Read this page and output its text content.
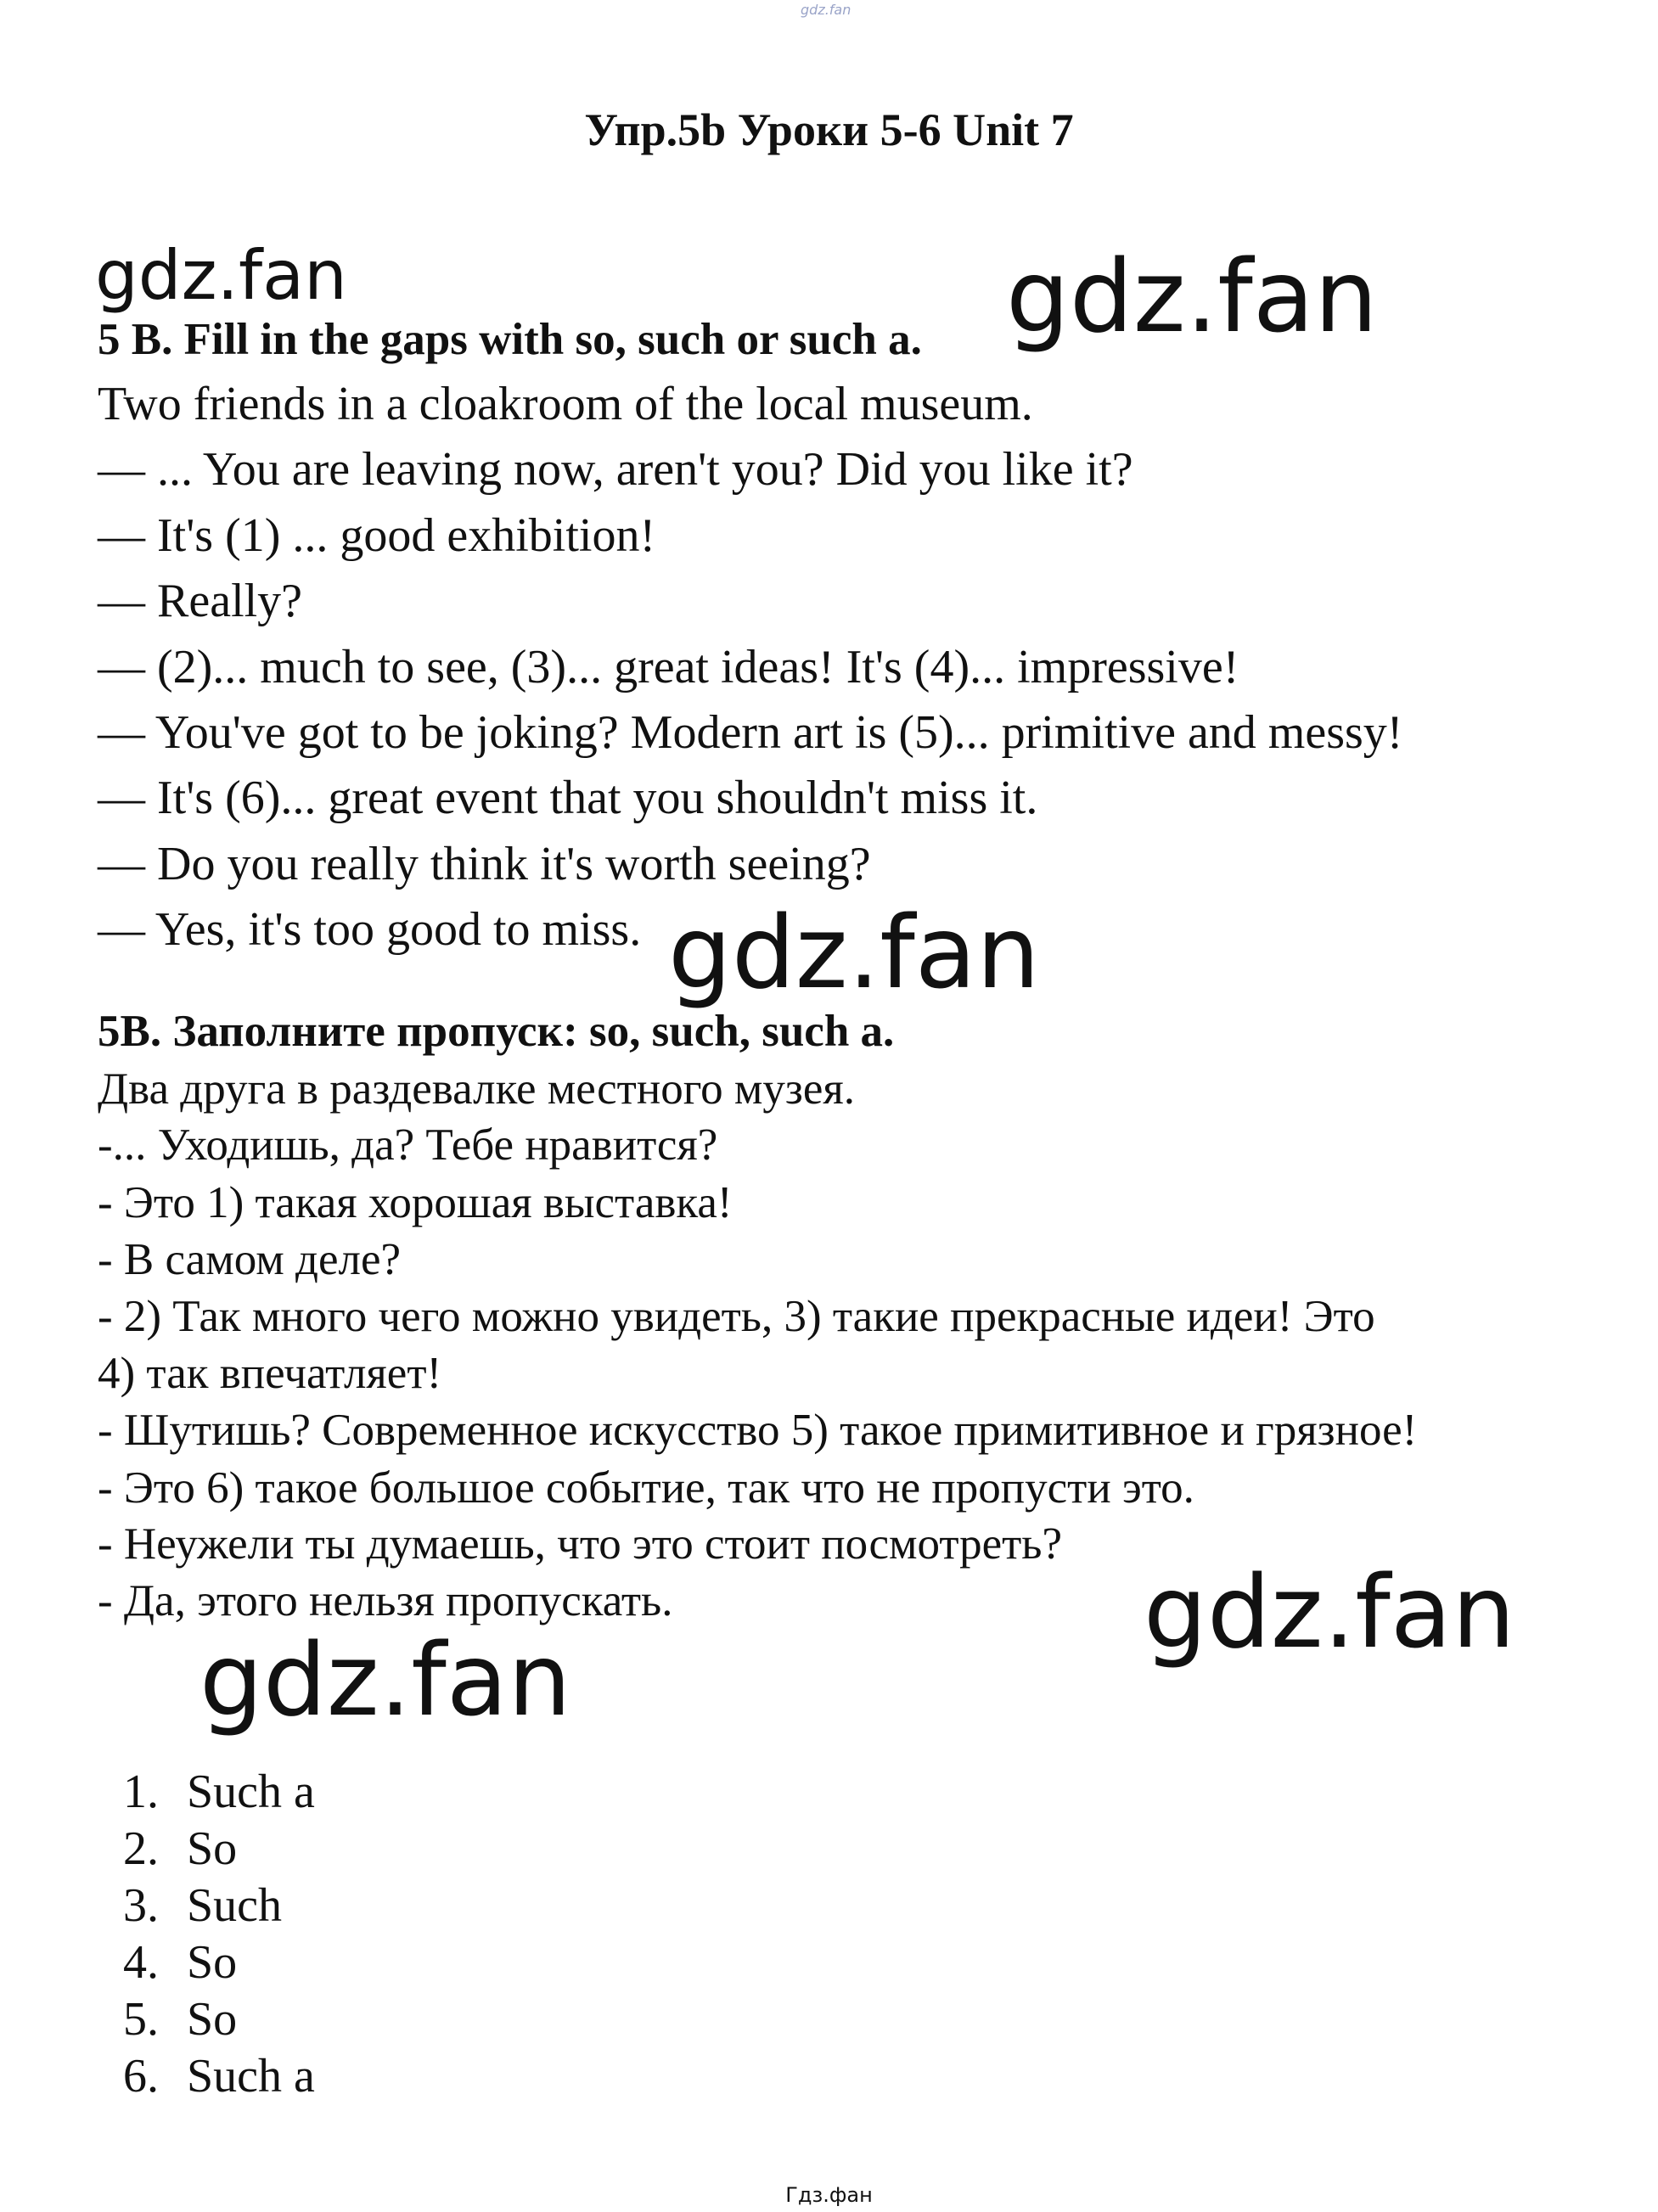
gdz.fan
Упр.5b Уроки 5-6 Unit 7
gdz.fan	gdz.fan
gdz.fan
gdz.fan
gdz.fan
5 B. Fill in the gaps with so, such or such a.
Two friends in a cloakroom of the local museum.
— ... You are leaving now, aren't you? Did you like it?
— It's (1) ... good exhibition!
— Really?
— (2)... much to see, (3)... great ideas! It's (4)... impressive!
— You've got to be joking? Modern art is (5)... primitive and messy!
— It's (6)... great event that you shouldn't miss it.
— Do you really think it's worth seeing?
— Yes, it's too good to miss.
5B. Заполните пропуск: so, such, such a.
Два друга в раздевалке местного музея.
-... Уходишь, да? Тебе нравится?
- Это 1) такая хорошая выставка!
- В самом деле?
- 2) Так много чего можно увидеть, 3) такие прекрасные идеи! Это
4) так впечатляет!
- Шутишь? Современное искусство 5) такое примитивное и грязное!
- Это 6) такое большое событие, так что не пропусти это.
- Неужели ты думаешь, что это стоит посмотреть?
- Да, этого нельзя пропускать.
1. Such a
2. So
3. Such
4. So
5. So
6. Such a
Гдз.фан
